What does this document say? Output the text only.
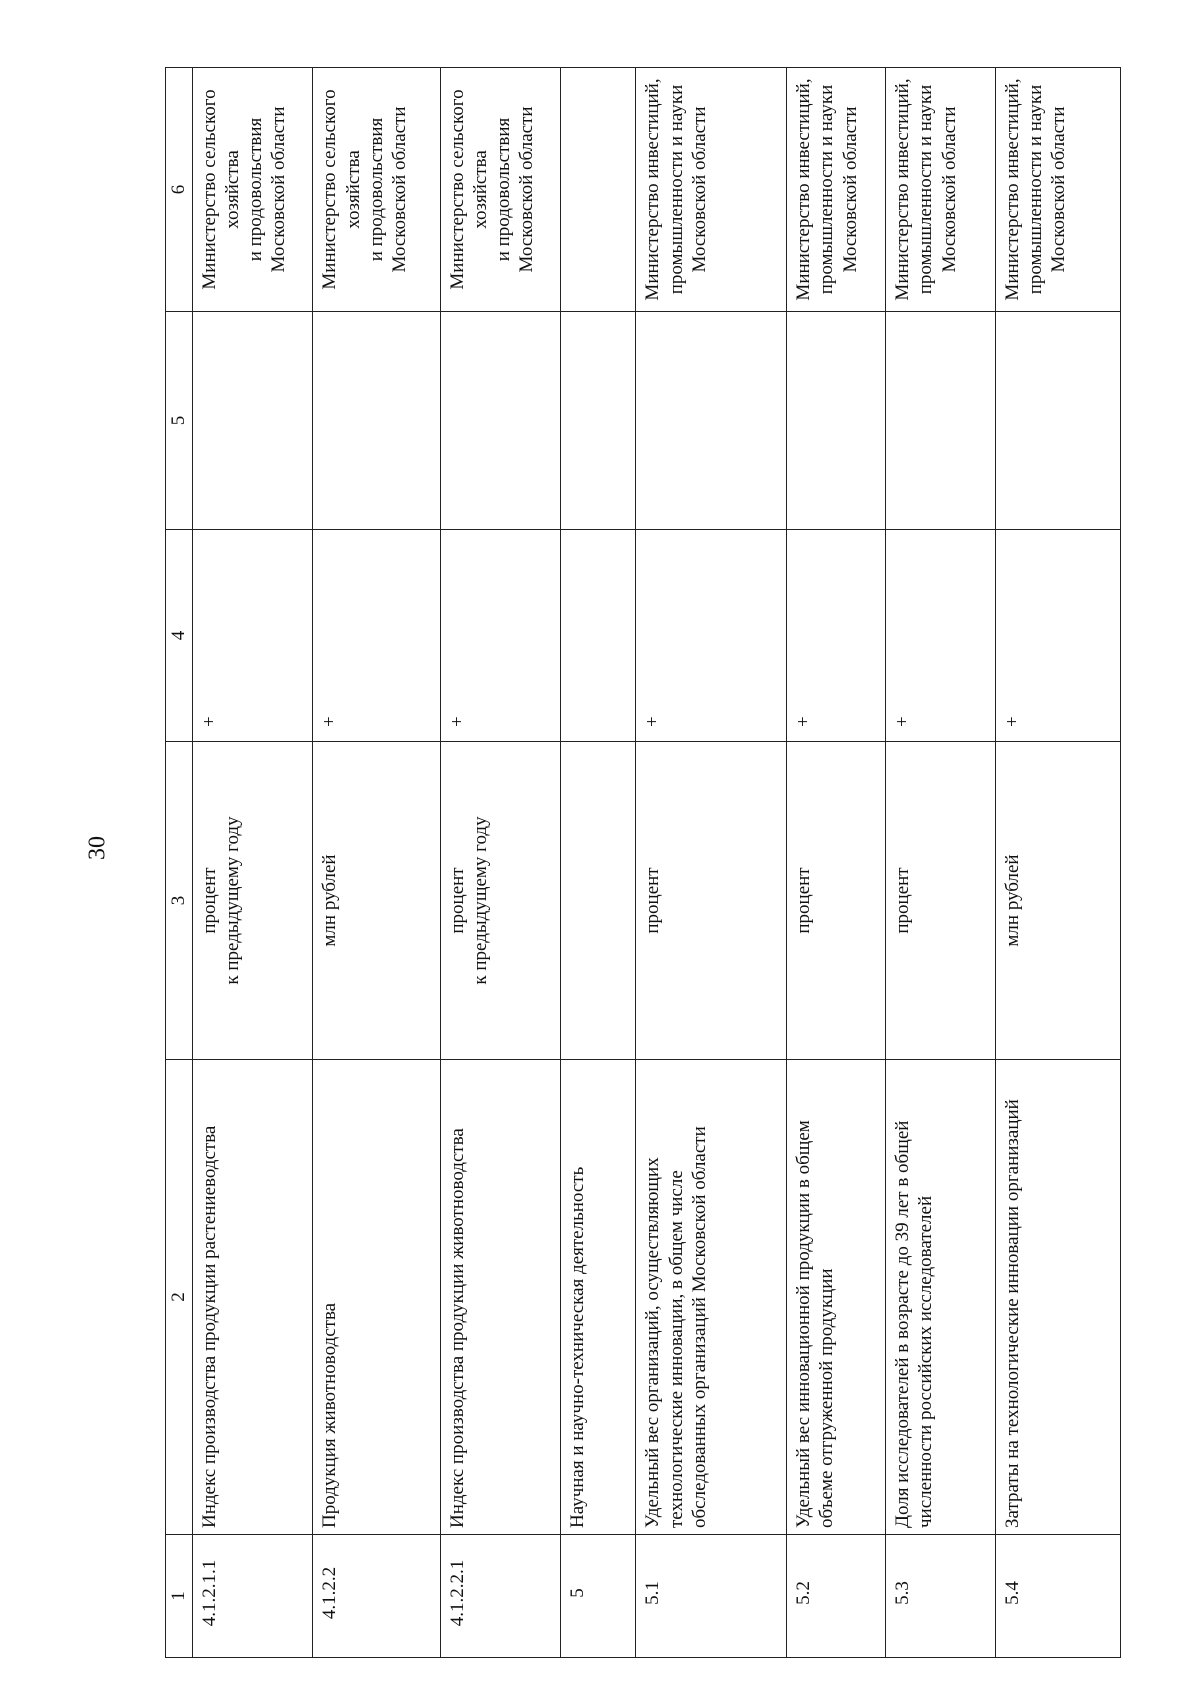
30
1	2	3	4	5	6
4.1.2.1.1	Индекс производства продукции растениеводства	процент к предыдущему году	+		Министерство сельского хозяйства и продовольствия Московской области
4.1.2.2	Продукция животноводства	млн рублей	+		Министерство сельского хозяйства и продовольствия Московской области
4.1.2.2.1	Индекс производства продукции животноводства	процент к предыдущему году	+		Министерство сельского хозяйства и продовольствия Московской области
5	Научная и научно-техническая деятельность				
5.1	Удельный вес организаций, осуществляющих технологические инновации, в общем числе обследованных организаций Московской области	процент	+		Министерство инвестиций, промышленности и науки Московской области
5.2	Удельный вес инновационной продукции в общем объеме отгруженной продукции	процент	+		Министерство инвестиций, промышленности и науки Московской области
5.3	Доля исследователей в возрасте до 39 лет в общей численности российских исследователей	процент	+		Министерство инвестиций, промышленности и науки Московской области
5.4	Затраты на технологические инновации организаций	млн рублей	+		Министерство инвестиций, промышленности и науки Московской области
